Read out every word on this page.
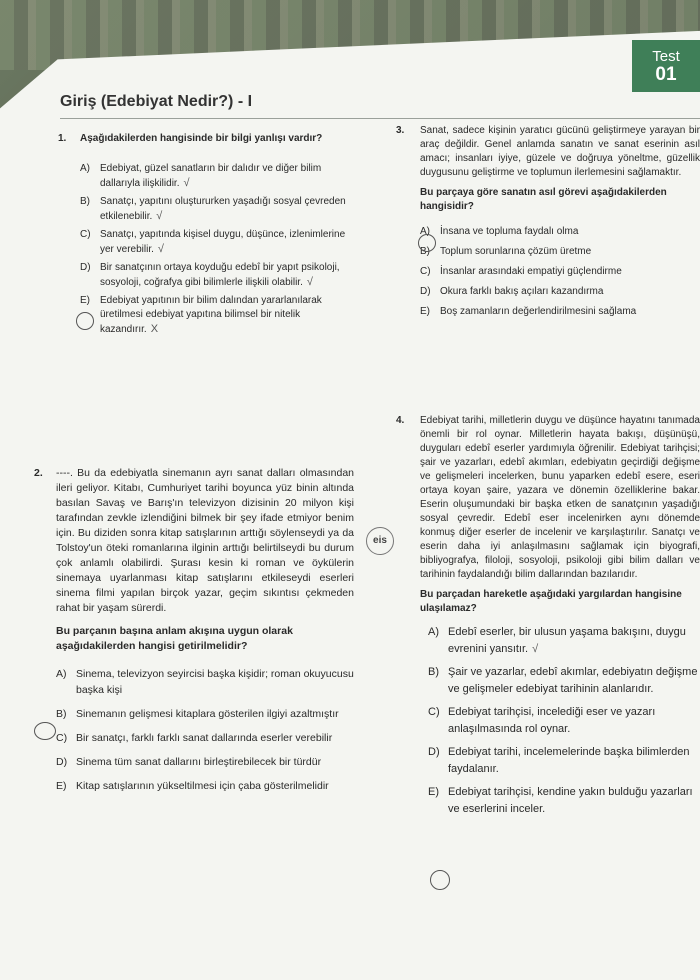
Test
01
Giriş (Edebiyat Nedir?) - I
1. Aşağıdakilerden hangisinde bir bilgi yanlışı vardır?
A) Edebiyat, güzel sanatların bir dalıdır ve diğer bilim dallarıyla ilişkilidir. √
B) Sanatçı, yapıtını oluştururken yaşadığı sosyal çevreden etkilenebilir. √
C) Sanatçı, yapıtında kişisel duygu, düşünce, izlenimlerine yer verebilir. √
D) Bir sanatçının ortaya koyduğu edebî bir yapıt psikoloji, sosyoloji, coğrafya gibi bilimlerle ilişkili olabilir. √
E) Edebiyat yapıtının bir bilim dalından yararlanılarak üretilmesi edebiyat yapıtına bilimsel bir nitelik kazandırır. X
2. ----. Bu da edebiyatla sinemanın ayrı sanat dalları olmasından ileri geliyor. Kitabı, Cumhuriyet tarihi boyunca yüz binin altında basılan Savaş ve Barış'ın televizyon dizisinin 20 milyon kişi tarafından zevkle izlendiğini bilmek bir şey ifade etmiyor benim için. Bu diziden sonra kitap satışlarının arttığı söylenseydi ya da Tolstoy'un öteki romanlarına ilginin arttığı belirtilseydi bu durum çok anlamlı olabilirdi. Şurası kesin ki roman ve öykülerin sinemaya uyarlanması kitap satışlarını etkileseydi eserleri sinema filmi yapılan birçok yazar, geçim sıkıntısı çekmeden rahat bir yaşam sürerdi.
Bu parçanın başına anlam akışına uygun olarak aşağıdakilerden hangisi getirilmelidir?
A) Sinema, televizyon seyircisi başka kişidir; roman okuyucusu başka kişi
B) Sinemanın gelişmesi kitaplara gösterilen ilgiyi azaltmıştır
C) Bir sanatçı, farklı farklı sanat dallarında eserler verebilir
D) Sinema tüm sanat dallarını birleştirebilecek bir türdür
E) Kitap satışlarının yükseltilmesi için çaba gösterilmelidir
eis
3. Sanat, sadece kişinin yaratıcı gücünü geliştirmeye yarayan bir araç değildir. Genel anlamda sanatın ve sanat eserinin asıl amacı; insanları iyiye, güzele ve doğruya yöneltme, güzellik duygusunu geliştirme ve toplumun ilerlemesini sağlamaktır.
Bu parçaya göre sanatın asıl görevi aşağıdakilerden hangisidir?
A) İnsana ve topluma faydalı olma
B) Toplum sorunlarına çözüm üretme
C) İnsanlar arasındaki empatiyi güçlendirme
D) Okura farklı bakış açıları kazandırma
E) Boş zamanların değerlendirilmesini sağlama
4. Edebiyat tarihi, milletlerin duygu ve düşünce hayatını tanımada önemli bir rol oynar. Milletlerin hayata bakışı, düşünüşü, duyguları edebî eserler yardımıyla öğrenilir. Edebiyat tarihçisi; şair ve yazarları, edebî akımları, edebiyatın geçirdiği değişme ve gelişmeleri incelerken, bunu yaparken edebî esere, eseri ortaya koyan şaire, yazara ve dönemin özelliklerine bakar. Eserin oluşumundaki bir başka etken de sanatçının yaşadığı sosyal çevredir. Edebî eser incelenirken aynı dönemde konmuş diğer eserler de incelenir ve karşılaştırılır. Sanatçı ve eserin daha iyi anlaşılmasını sağlamak için biyografi, bibliyografya, filoloji, sosyoloji, psikoloji gibi bilim dalları ve tarihinin faydalandığı bilim dallarından bazılarıdır.
Bu parçadan hareketle aşağıdaki yargılardan hangisine ulaşılamaz?
A) Edebî eserler, bir ulusun yaşama bakışını, duygu evrenini yansıtır. √
B) Şair ve yazarlar, edebî akımlar, edebiyatın değişme ve gelişmeler edebiyat tarihinin alanlarıdır.
C) Edebiyat tarihçisi, incelediği eser ve yazarı anlaşılmasında rol oynar.
D) Edebiyat tarihi, incelemelerinde başka bilimlerden faydalanır.
E) Edebiyat tarihçisi, kendine yakın bulduğu yazarları ve eserlerini inceler.
